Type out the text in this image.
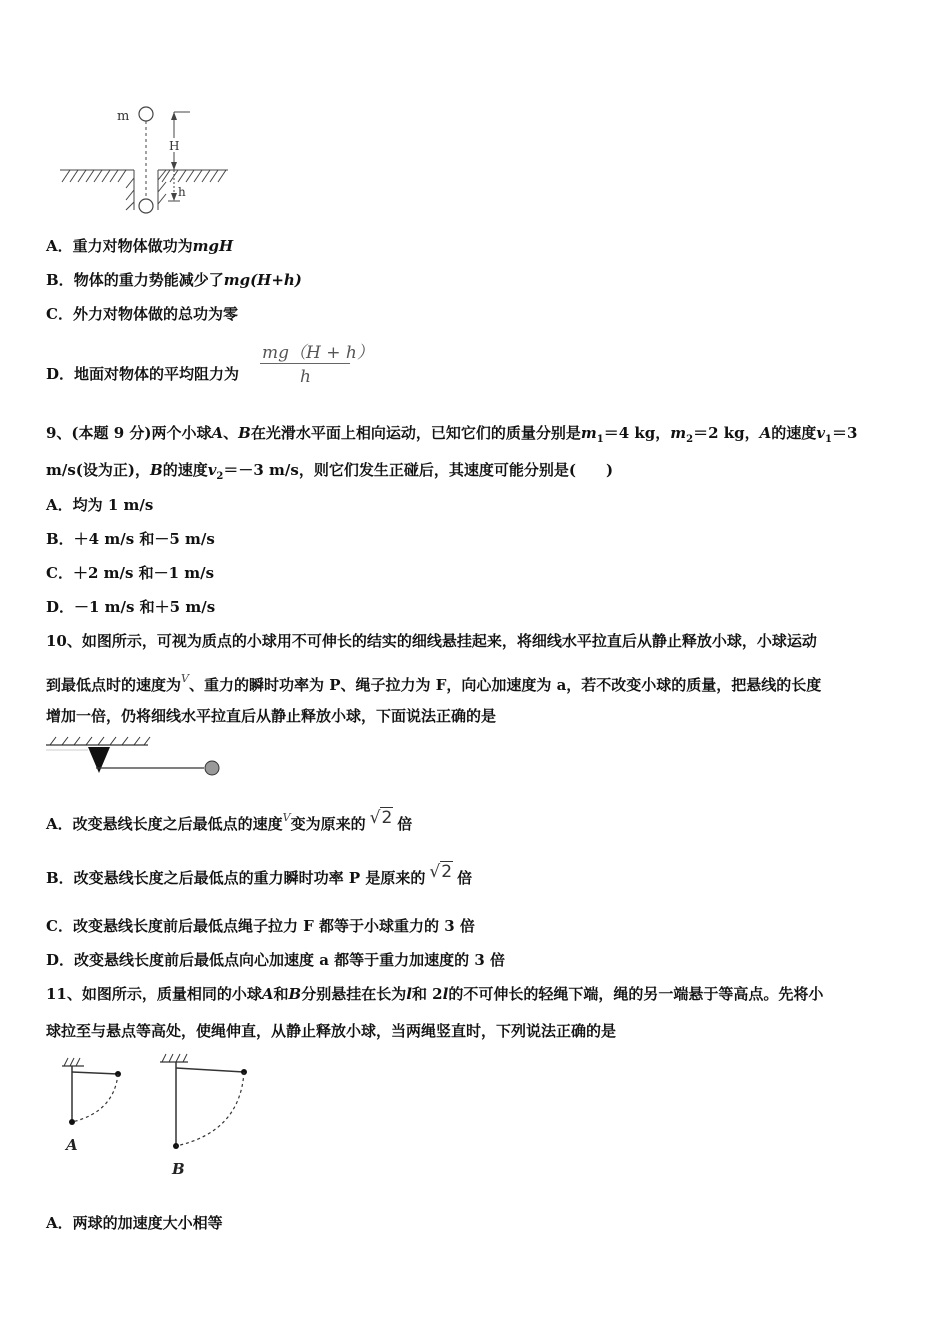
m
H
h
A．重力对物体做功为mgH
B．物体的重力势能减少了mg(H+h)
C．外力对物体做的总功为零
D．地面对物体的平均阻力为
mg（H + h）
h
9、(本题 9 分)两个小球A、B在光滑水平面上相向运动，已知它们的质量分别是$m_1=4$ kg，$m_2=2$ kg，A的速度$v_1=3$
m/s(设为正)，B的速度$v_2=-3$ m/s，则它们发生正碰后，其速度可能分别是(　　)
A．均为 1 m/s
B．＋4 m/s 和－5 m/s
C．＋2 m/s 和－1 m/s
D．－1 m/s 和＋5 m/s
10、如图所示，可视为质点的小球用不可伸长的结实的细线悬挂起来，将细线水平拉直后从静止释放小球，小球运动
到最低点时的速度为$^V$、重力的瞬时功率为 P、绳子拉力为 F，向心加速度为 a，若不改变小球的质量，把悬线的长度
增加一倍，仍将细线水平拉直后从静止释放小球，下面说法正确的是
A．改变悬线长度之后最低点的速度$^V$变为原来的 √2 倍
B．改变悬线长度之后最低点的重力瞬时功率 P 是原来的 √2 倍
C．改变悬线长度前后最低点绳子拉力 F 都等于小球重力的 3 倍
D．改变悬线长度前后最低点向心加速度 a 都等于重力加速度的 3 倍
11、如图所示，质量相同的小球A和B分别悬挂在长为l和 2l的不可伸长的轻绳下端，绳的另一端悬于等高点。先将小
球拉至与悬点等高处，使绳伸直，从静止释放小球，当两绳竖直时，下列说法正确的是
A
B
A．两球的加速度大小相等
